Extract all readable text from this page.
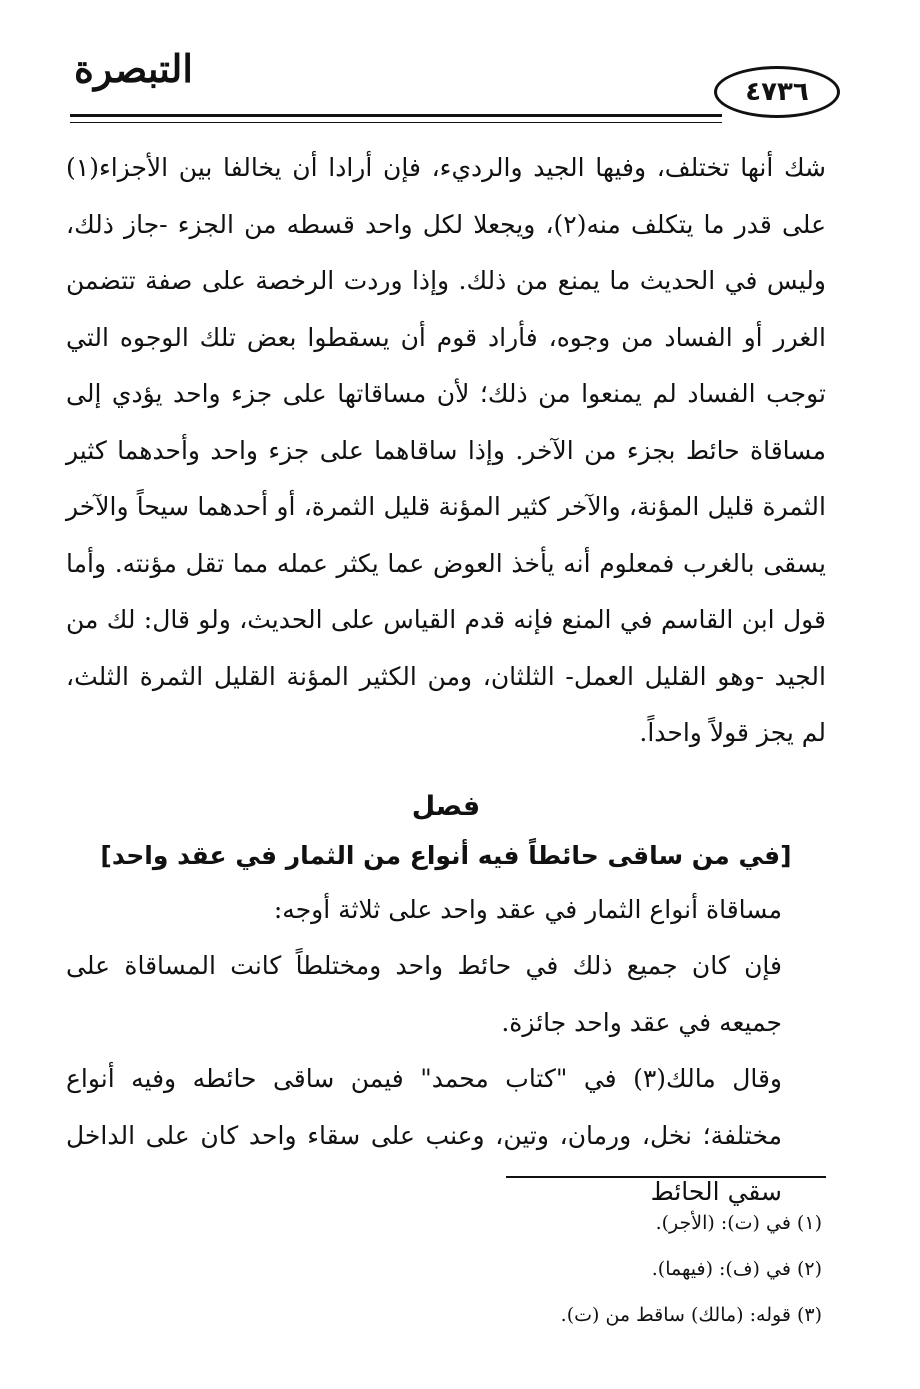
التبصرة
٤٧٣٦

شك أنها تختلف، وفيها الجيد والرديء، فإن أرادا أن يخالفا بين الأجزاء(١) على قدر ما يتكلف منه(٢)، ويجعلا لكل واحد قسطه من الجزء -جاز ذلك، وليس في الحديث ما يمنع من ذلك. وإذا وردت الرخصة على صفة تتضمن الغرر أو الفساد من وجوه، فأراد قوم أن يسقطوا بعض تلك الوجوه التي توجب الفساد لم يمنعوا من ذلك؛ لأن مساقاتها على جزء واحد يؤدي إلى مساقاة حائط بجزء من الآخر. وإذا ساقاهما على جزء واحد وأحدهما كثير الثمرة قليل المؤنة، والآخر كثير المؤنة قليل الثمرة، أو أحدهما سيحاً والآخر يسقى بالغرب فمعلوم أنه يأخذ العوض عما يكثر عمله مما تقل مؤنته. وأما قول ابن القاسم في المنع فإنه قدم القياس على الحديث، ولو قال: لك من الجيد -وهو القليل العمل- الثلثان، ومن الكثير المؤنة القليل الثمرة الثلث، لم يجز قولاً واحداً.

فصل
[في من ساقى حائطاً فيه أنواع من الثمار في عقد واحد]

مساقاة أنواع الثمار في عقد واحد على ثلاثة أوجه:

فإن كان جميع ذلك في حائط واحد ومختلطاً كانت المساقاة على جميعه في عقد واحد جائزة.

وقال مالك(٣) في "كتاب محمد" فيمن ساقى حائطه وفيه أنواع مختلفة؛ نخل، ورمان، وتين، وعنب على سقاء واحد كان على الداخل سقي الحائط

(١) في (ت): (الأجر).

(٢) في (ف): (فيهما).

(٣) قوله: (مالك) ساقط من (ت).
